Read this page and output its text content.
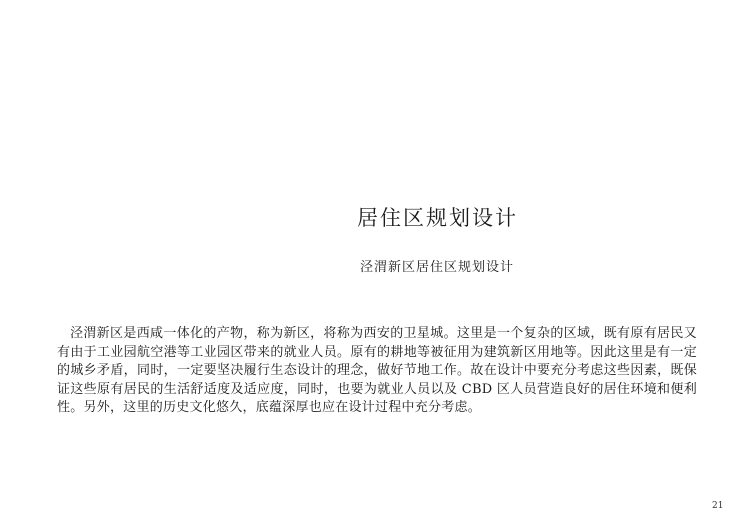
居住区规划设计
泾渭新区居住区规划设计

泾渭新区是西咸一体化的产物，称为新区，将称为西安的卫星城。这里是一个复杂的区域，既有原有居民又有由于工业园航空港等工业园区带来的就业人员。原有的耕地等被征用为建筑新区用地等。因此这里是有一定的城乡矛盾，同时，一定要坚决履行生态设计的理念，做好节地工作。故在设计中要充分考虑这些因素，既保证这些原有居民的生活舒适度及适应度，同时，也要为就业人员以及 CBD 区人员营造良好的居住环境和便利性。另外，这里的历史文化悠久，底蕴深厚也应在设计过程中充分考虑。

21
